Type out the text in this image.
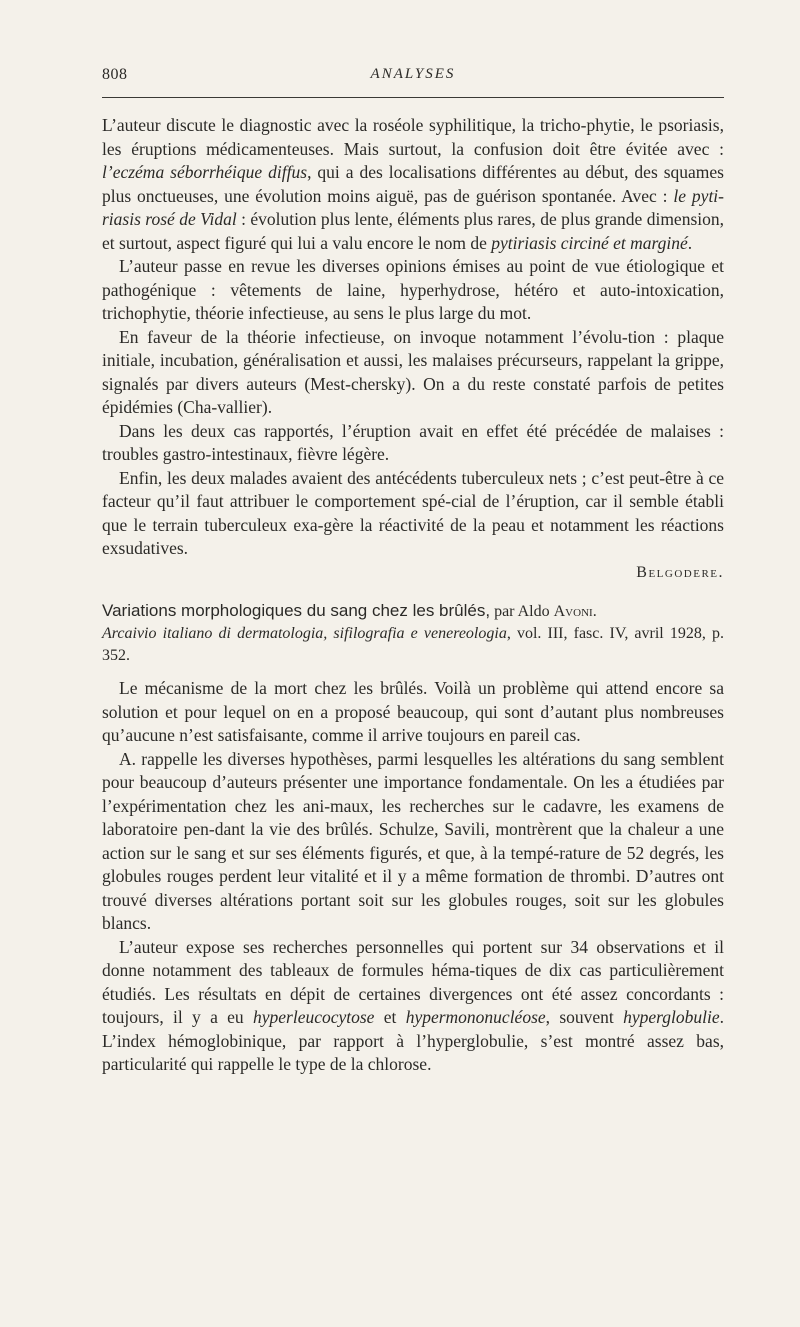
808	ANALYSES

L’auteur discute le diagnostic avec la roséole syphilitique, la tricho-phytie, le psoriasis, les éruptions médicamenteuses. Mais surtout, la confusion doit être évitée avec : l’eczéma séborrhéique diffus, qui a des localisations différentes au début, des squames plus onctueuses, une évolution moins aiguë, pas de guérison spontanée. Avec : le pyti-riasis rosé de Vidal : évolution plus lente, éléments plus rares, de plus grande dimension, et surtout, aspect figuré qui lui a valu encore le nom de pytiriasis circiné et marginé.

L’auteur passe en revue les diverses opinions émises au point de vue étiologique et pathogénique : vêtements de laine, hyperhydrose, hétéro et auto-intoxication, trichophytie, théorie infectieuse, au sens le plus large du mot.

En faveur de la théorie infectieuse, on invoque notamment l’évolu-tion : plaque initiale, incubation, généralisation et aussi, les malaises précurseurs, rappelant la grippe, signalés par divers auteurs (Mest-chersky). On a du reste constaté parfois de petites épidémies (Cha-vallier).

Dans les deux cas rapportés, l’éruption avait en effet été précédée de malaises : troubles gastro-intestinaux, fièvre légère.

Enfin, les deux malades avaient des antécédents tuberculeux nets ; c’est peut-être à ce facteur qu’il faut attribuer le comportement spé-cial de l’éruption, car il semble établi que le terrain tuberculeux exa-gère la réactivité de la peau et notamment les réactions exsudatives.

Belgodere.

Variations morphologiques du sang chez les brûlés, par Aldo Avoni.
Arcaivio italiano di dermatologia, sifilografia e venereologia, vol. III, fasc. IV, avril 1928, p. 352.

Le mécanisme de la mort chez les brûlés. Voilà un problème qui attend encore sa solution et pour lequel on en a proposé beaucoup, qui sont d’autant plus nombreuses qu’aucune n’est satisfaisante, comme il arrive toujours en pareil cas.

A. rappelle les diverses hypothèses, parmi lesquelles les altérations du sang semblent pour beaucoup d’auteurs présenter une importance fondamentale. On les a étudiées par l’expérimentation chez les ani-maux, les recherches sur le cadavre, les examens de laboratoire pen-dant la vie des brûlés. Schulze, Savili, montrèrent que la chaleur a une action sur le sang et sur ses éléments figurés, et que, à la tempé-rature de 52 degrés, les globules rouges perdent leur vitalité et il y a même formation de thrombi. D’autres ont trouvé diverses altérations portant soit sur les globules rouges, soit sur les globules blancs.

L’auteur expose ses recherches personnelles qui portent sur 34 observations et il donne notamment des tableaux de formules héma-tiques de dix cas particulièrement étudiés. Les résultats en dépit de certaines divergences ont été assez concordants : toujours, il y a eu hyperleucocytose et hypermononucléose, souvent hyperglobulie. L’index hémoglobinique, par rapport à l’hyperglobulie, s’est montré assez bas, particularité qui rappelle le type de la chlorose.
